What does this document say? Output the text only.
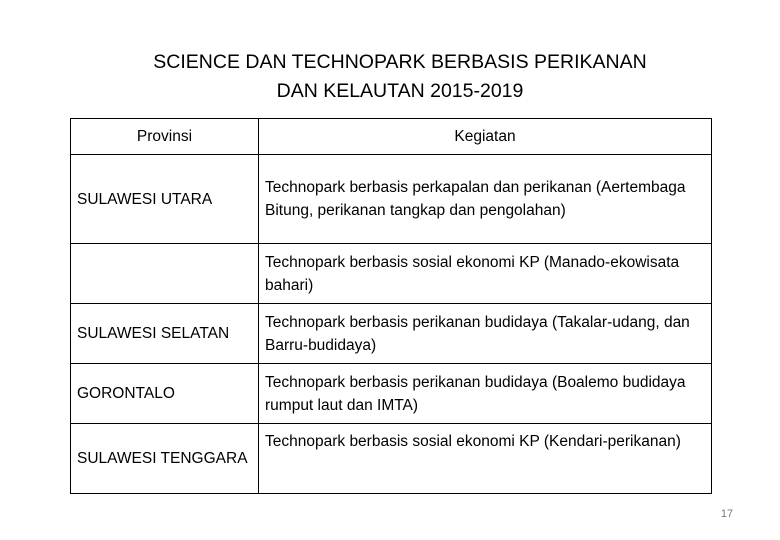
SCIENCE DAN TECHNOPARK BERBASIS PERIKANAN
DAN KELAUTAN 2015-2019
Provinsi	Kegiatan
SULAWESI UTARA	Technopark berbasis perkapalan dan perikanan (Aertembaga Bitung, perikanan tangkap dan pengolahan)
	Technopark berbasis sosial ekonomi KP (Manado-ekowisata bahari)
SULAWESI SELATAN	Technopark berbasis perikanan budidaya (Takalar-udang, dan Barru-budidaya)
GORONTALO	Technopark berbasis perikanan budidaya (Boalemo budidaya rumput laut dan IMTA)
SULAWESI TENGGARA	Technopark berbasis sosial ekonomi KP (Kendari-perikanan)
17
